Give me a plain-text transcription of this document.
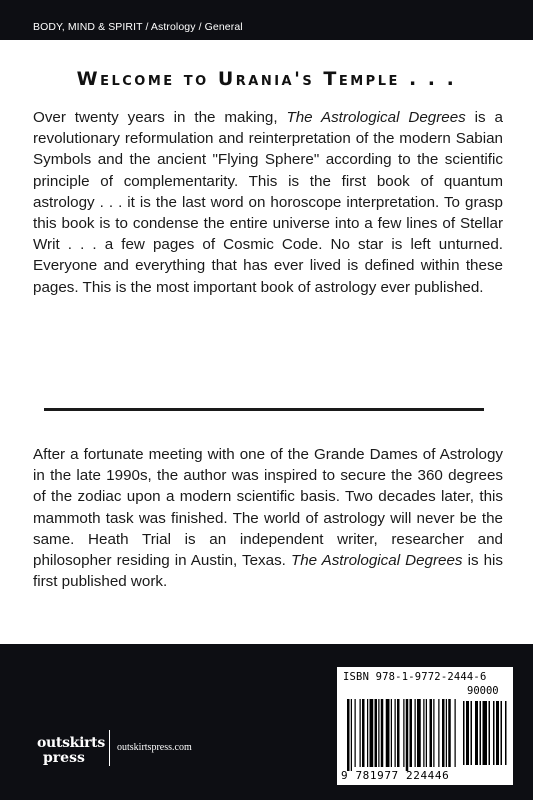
BODY, MIND & SPIRIT / Astrology / General
Welcome to Urania's Temple . . .
Over twenty years in the making, The Astrological Degrees is a revolutionary reformulation and reinterpretation of the modern Sabian Symbols and the ancient "Flying Sphere" according to the scientific principle of complementarity. This is the first book of quantum astrology . . . it is the last word on horoscope interpretation. To grasp this book is to condense the entire universe into a few lines of Stellar Writ . . . a few pages of Cosmic Code. No star is left unturned. Everyone and everything that has ever lived is defined within these pages. This is the most important book of astrology ever published.
After a fortunate meeting with one of the Grande Dames of Astrology in the late 1990s, the author was inspired to secure the 360 degrees of the zodiac upon a modern scientific basis. Two decades later, this mammoth task was finished. The world of astrology will never be the same. Heath Trial is an independent writer, researcher and philosopher residing in Austin, Texas. The Astrological Degrees is his first published work.
outskirts
press
outskirtspress.com
ISBN 978-1-9772-2444-6
90000
9 781977 224446
